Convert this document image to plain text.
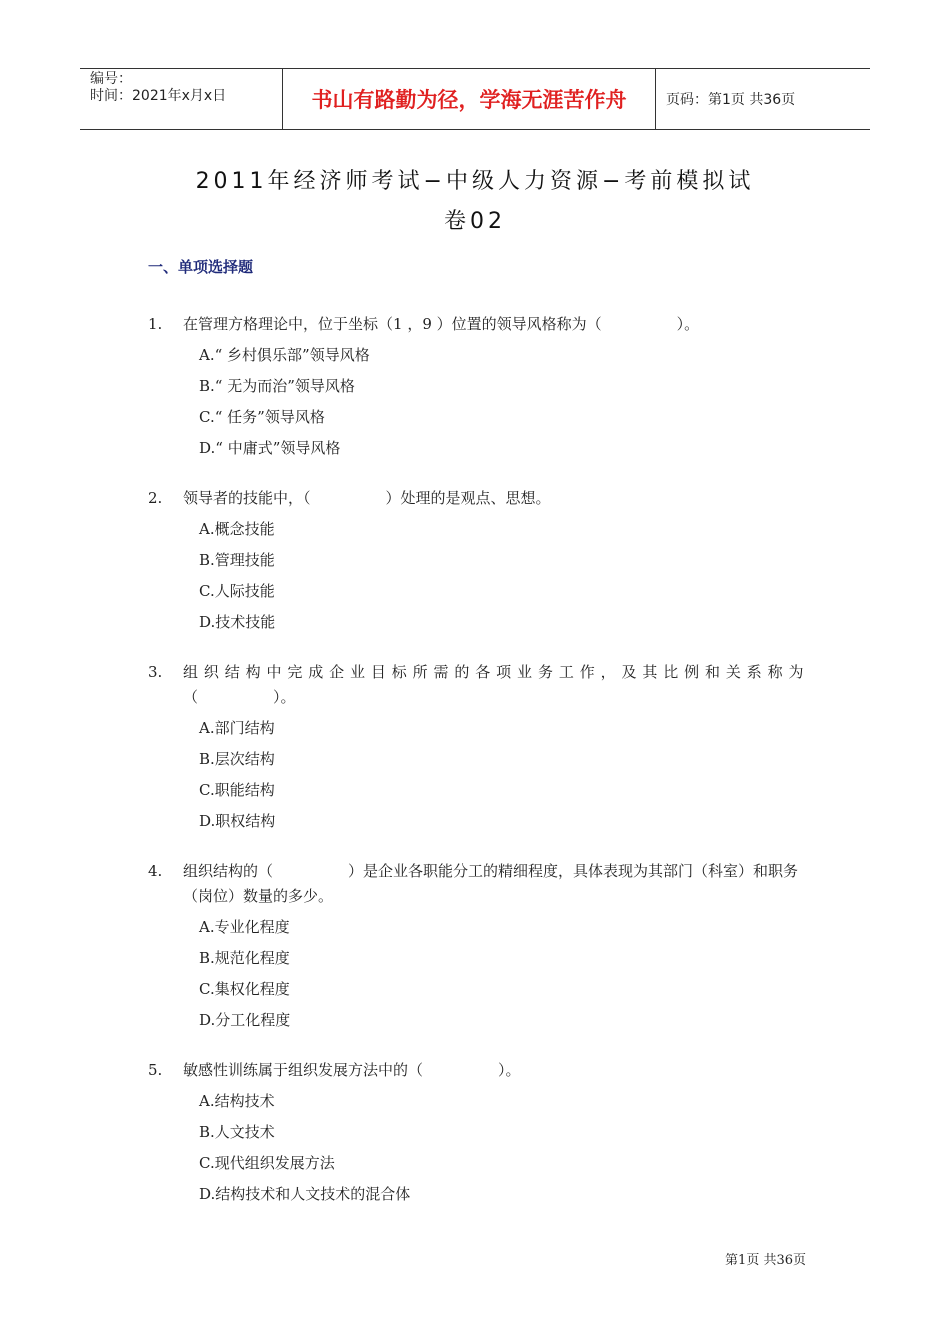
编号：
时间：2021年x月x日	书山有路勤为径，学海无涯苦作舟	页码：第1页 共36页
2011年经济师考试−中级人力资源−考前模拟试
卷02
一、单项选择题
1.	在管理方格理论中，位于坐标（1 ，9 ）位置的领导风格称为（　　　　　）。
A.“ 乡村俱乐部”领导风格
B.“ 无为而治”领导风格
C.“ 任务”领导风格
D.“ 中庸式”领导风格
2.	领导者的技能中，（　　　　　）处理的是观点、思想。
A.概念技能
B.管理技能
C.人际技能
D.技术技能
3.	组织结构中完成企业目标所需的各项业务工作，及其比例和关系称为
（　　　　　）。
A.部门结构
B.层次结构
C.职能结构
D.职权结构
4.	组织结构的（　　　　　）是企业各职能分工的精细程度，具体表现为其部门（科室）和职务（岗位）数量的多少。
A.专业化程度
B.规范化程度
C.集权化程度
D.分工化程度
5.	敏感性训练属于组织发展方法中的（　　　　　）。
A.结构技术
B.人文技术
C.现代组织发展方法
D.结构技术和人文技术的混合体
第1页 共36页
